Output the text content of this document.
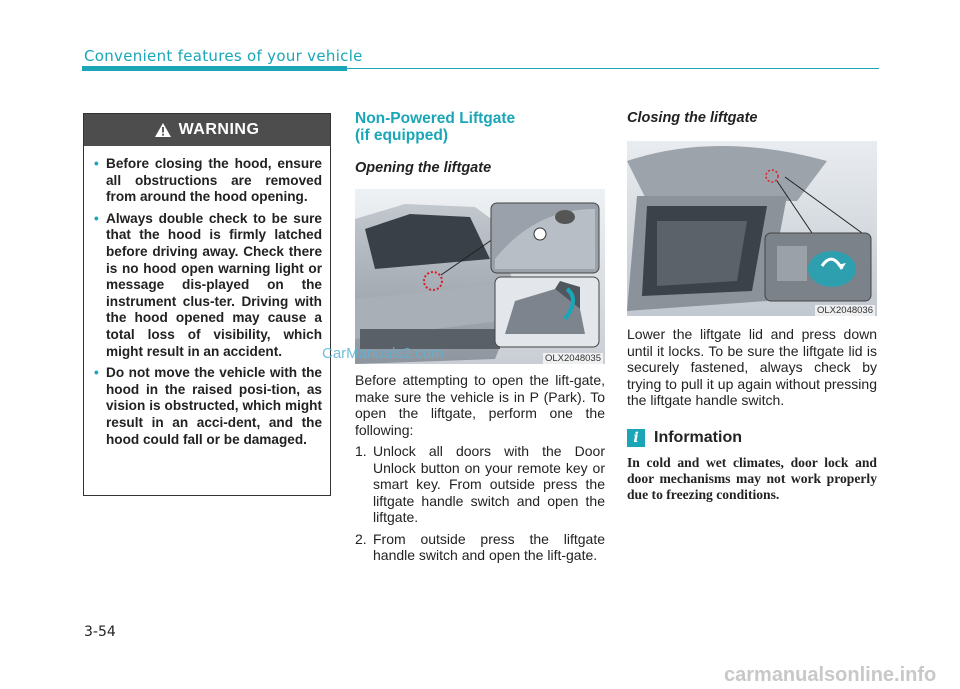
Convenient features of your vehicle
WARNING
• Before closing the hood, ensure all obstructions are removed from around the hood opening.
• Always double check to be sure that the hood is firmly latched before driving away. Check there is no hood open warning light or message dis-played on the instrument clus-ter. Driving with the hood opened may cause a total loss of visibility, which might result in an accident.
• Do not move the vehicle with the hood in the raised posi-tion, as vision is obstructed, which might result in an acci-dent, and the hood could fall or be damaged.
Non-Powered Liftgate
(if equipped)
Opening the liftgate
OLX2048035
Before attempting to open the lift-gate, make sure the vehicle is in P (Park). To open the liftgate, perform one the following:
1. Unlock all doors with the Door Unlock button on your remote key or smart key. From outside press the liftgate handle switch and open the liftgate.
2. From outside press the liftgate handle switch and open the lift-gate.
Closing the liftgate
OLX2048036
Lower the liftgate lid and press down until it locks. To be sure the liftgate lid is securely fastened, always check by trying to pull it up again without pressing the liftgate handle switch.
i Information
In cold and wet climates, door lock and door mechanisms may not work properly due to freezing conditions.
3-54
CarManuals2.com
carmanualsonline.info
